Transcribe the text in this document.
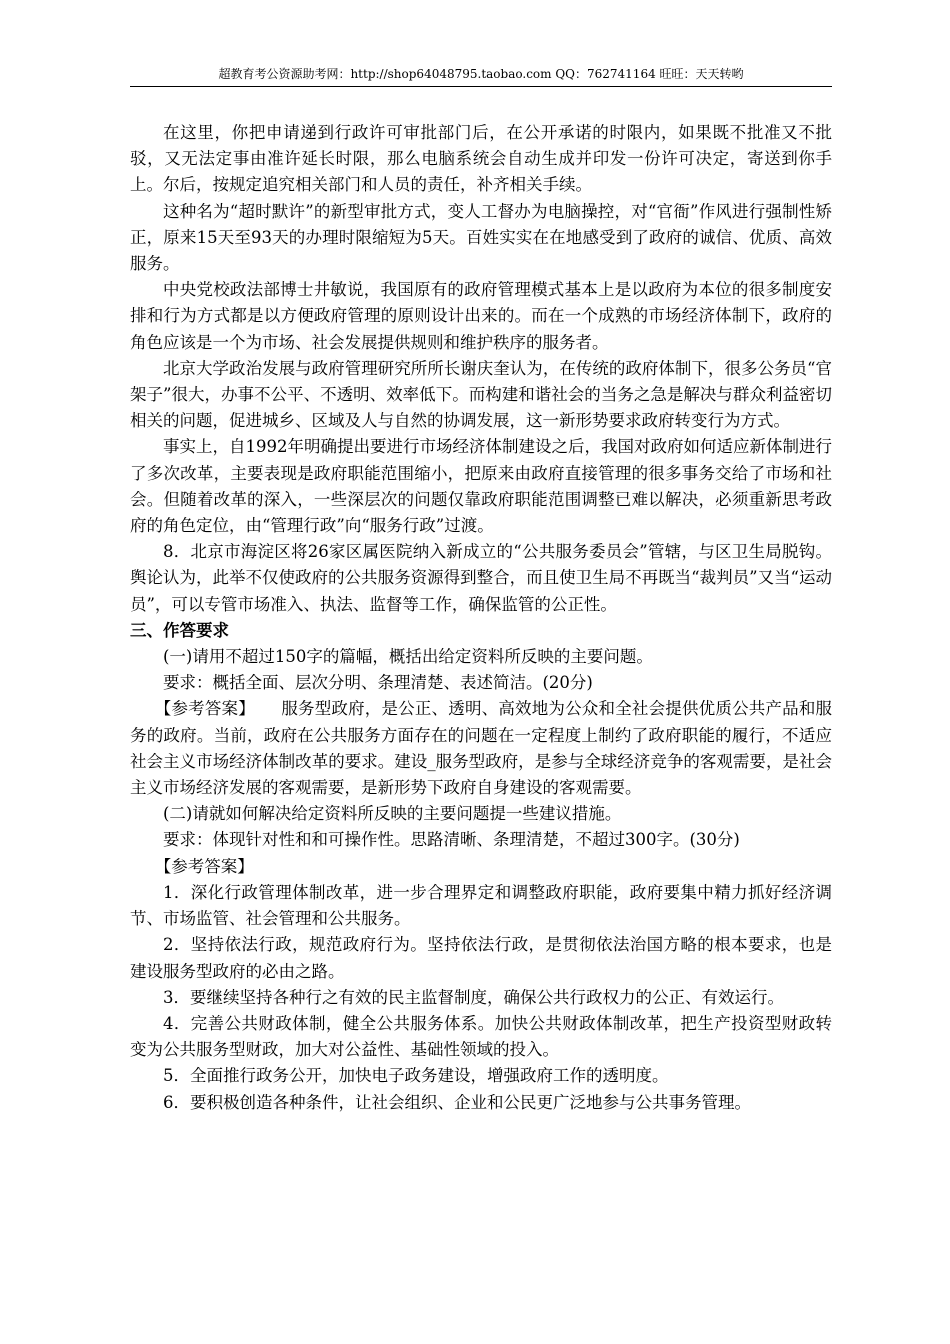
超教育考公资源助考网：http://shop64048795.taobao.com QQ：762741164 旺旺：天天转哟

在这里，你把申请递到行政许可审批部门后，在公开承诺的时限内，如果既不批准又不批驳，又无法定事由准许延长时限，那么电脑系统会自动生成并印发一份许可决定，寄送到你手上。尔后，按规定追究相关部门和人员的责任，补齐相关手续。

这种名为“超时默许”的新型审批方式，变人工督办为电脑操控，对“官衙”作风进行强制性矫正，原来15天至93天的办理时限缩短为5天。百姓实实在在地感受到了政府的诚信、优质、高效服务。

中央党校政法部博士井敏说，我国原有的政府管理模式基本上是以政府为本位的很多制度安排和行为方式都是以方便政府管理的原则设计出来的。而在一个成熟的市场经济体制下，政府的角色应该是一个为市场、社会发展提供规则和维护秩序的服务者。

北京大学政治发展与政府管理研究所所长谢庆奎认为，在传统的政府体制下，很多公务员“官架子”很大，办事不公平、不透明、效率低下。而构建和谐社会的当务之急是解决与群众利益密切相关的问题，促进城乡、区域及人与自然的协调发展，这一新形势要求政府转变行为方式。

事实上，自1992年明确提出要进行市场经济体制建设之后，我国对政府如何适应新体制进行了多次改革，主要表现是政府职能范围缩小，把原来由政府直接管理的很多事务交给了市场和社会。但随着改革的深入，一些深层次的问题仅靠政府职能范围调整已难以解决，必须重新思考政府的角色定位，由“管理行政”向“服务行政”过渡。

8．北京市海淀区将26家区属医院纳入新成立的“公共服务委员会”管辖，与区卫生局脱钩。舆论认为，此举不仅使政府的公共服务资源得到整合，而且使卫生局不再既当“裁判员”又当“运动员”，可以专管市场准入、执法、监督等工作，确保监管的公正性。

三、作答要求

(一)请用不超过150字的篇幅，概括出给定资料所反映的主要问题。

要求：概括全面、层次分明、条理清楚、表述简洁。(20分)

【参考答案】 服务型政府，是公正、透明、高效地为公众和全社会提供优质公共产品和服务的政府。当前，政府在公共服务方面存在的问题在一定程度上制约了政府职能的履行，不适应社会主义市场经济体制改革的要求。建设_服务型政府，是参与全球经济竞争的客观需要，是社会主义市场经济发展的客观需要，是新形势下政府自身建设的客观需要。

(二)请就如何解决给定资料所反映的主要问题提一些建议措施。

要求：体现针对性和和可操作性。思路清晰、条理清楚，不超过300字。(30分)

【参考答案】

1．深化行政管理体制改革，进一步合理界定和调整政府职能，政府要集中精力抓好经济调节、市场监管、社会管理和公共服务。

2．坚持依法行政，规范政府行为。坚持依法行政，是贯彻依法治国方略的根本要求，也是建设服务型政府的必由之路。

3．要继续坚持各种行之有效的民主监督制度，确保公共行政权力的公正、有效运行。

4．完善公共财政体制，健全公共服务体系。加快公共财政体制改革，把生产投资型财政转变为公共服务型财政，加大对公益性、基础性领域的投入。

5．全面推行政务公开，加快电子政务建设，增强政府工作的透明度。

6．要积极创造各种条件，让社会组织、企业和公民更广泛地参与公共事务管理。
